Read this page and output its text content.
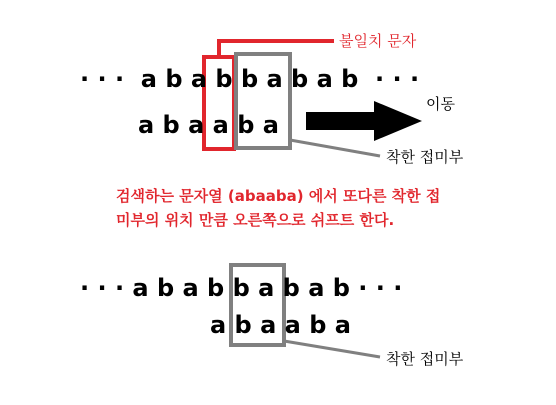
· · ·  a b a b b a b a b  · · ·
a b a a b a
불일치 문자
이동
착한 접미부
검색하는 문자열 (abaaba) 에서 또다른 착한 접
미부의 위치 만큼 오른쪽으로 쉬프트 한다.
· · · a b a b b a b a b · · ·
a b a a b a
착한 접미부
